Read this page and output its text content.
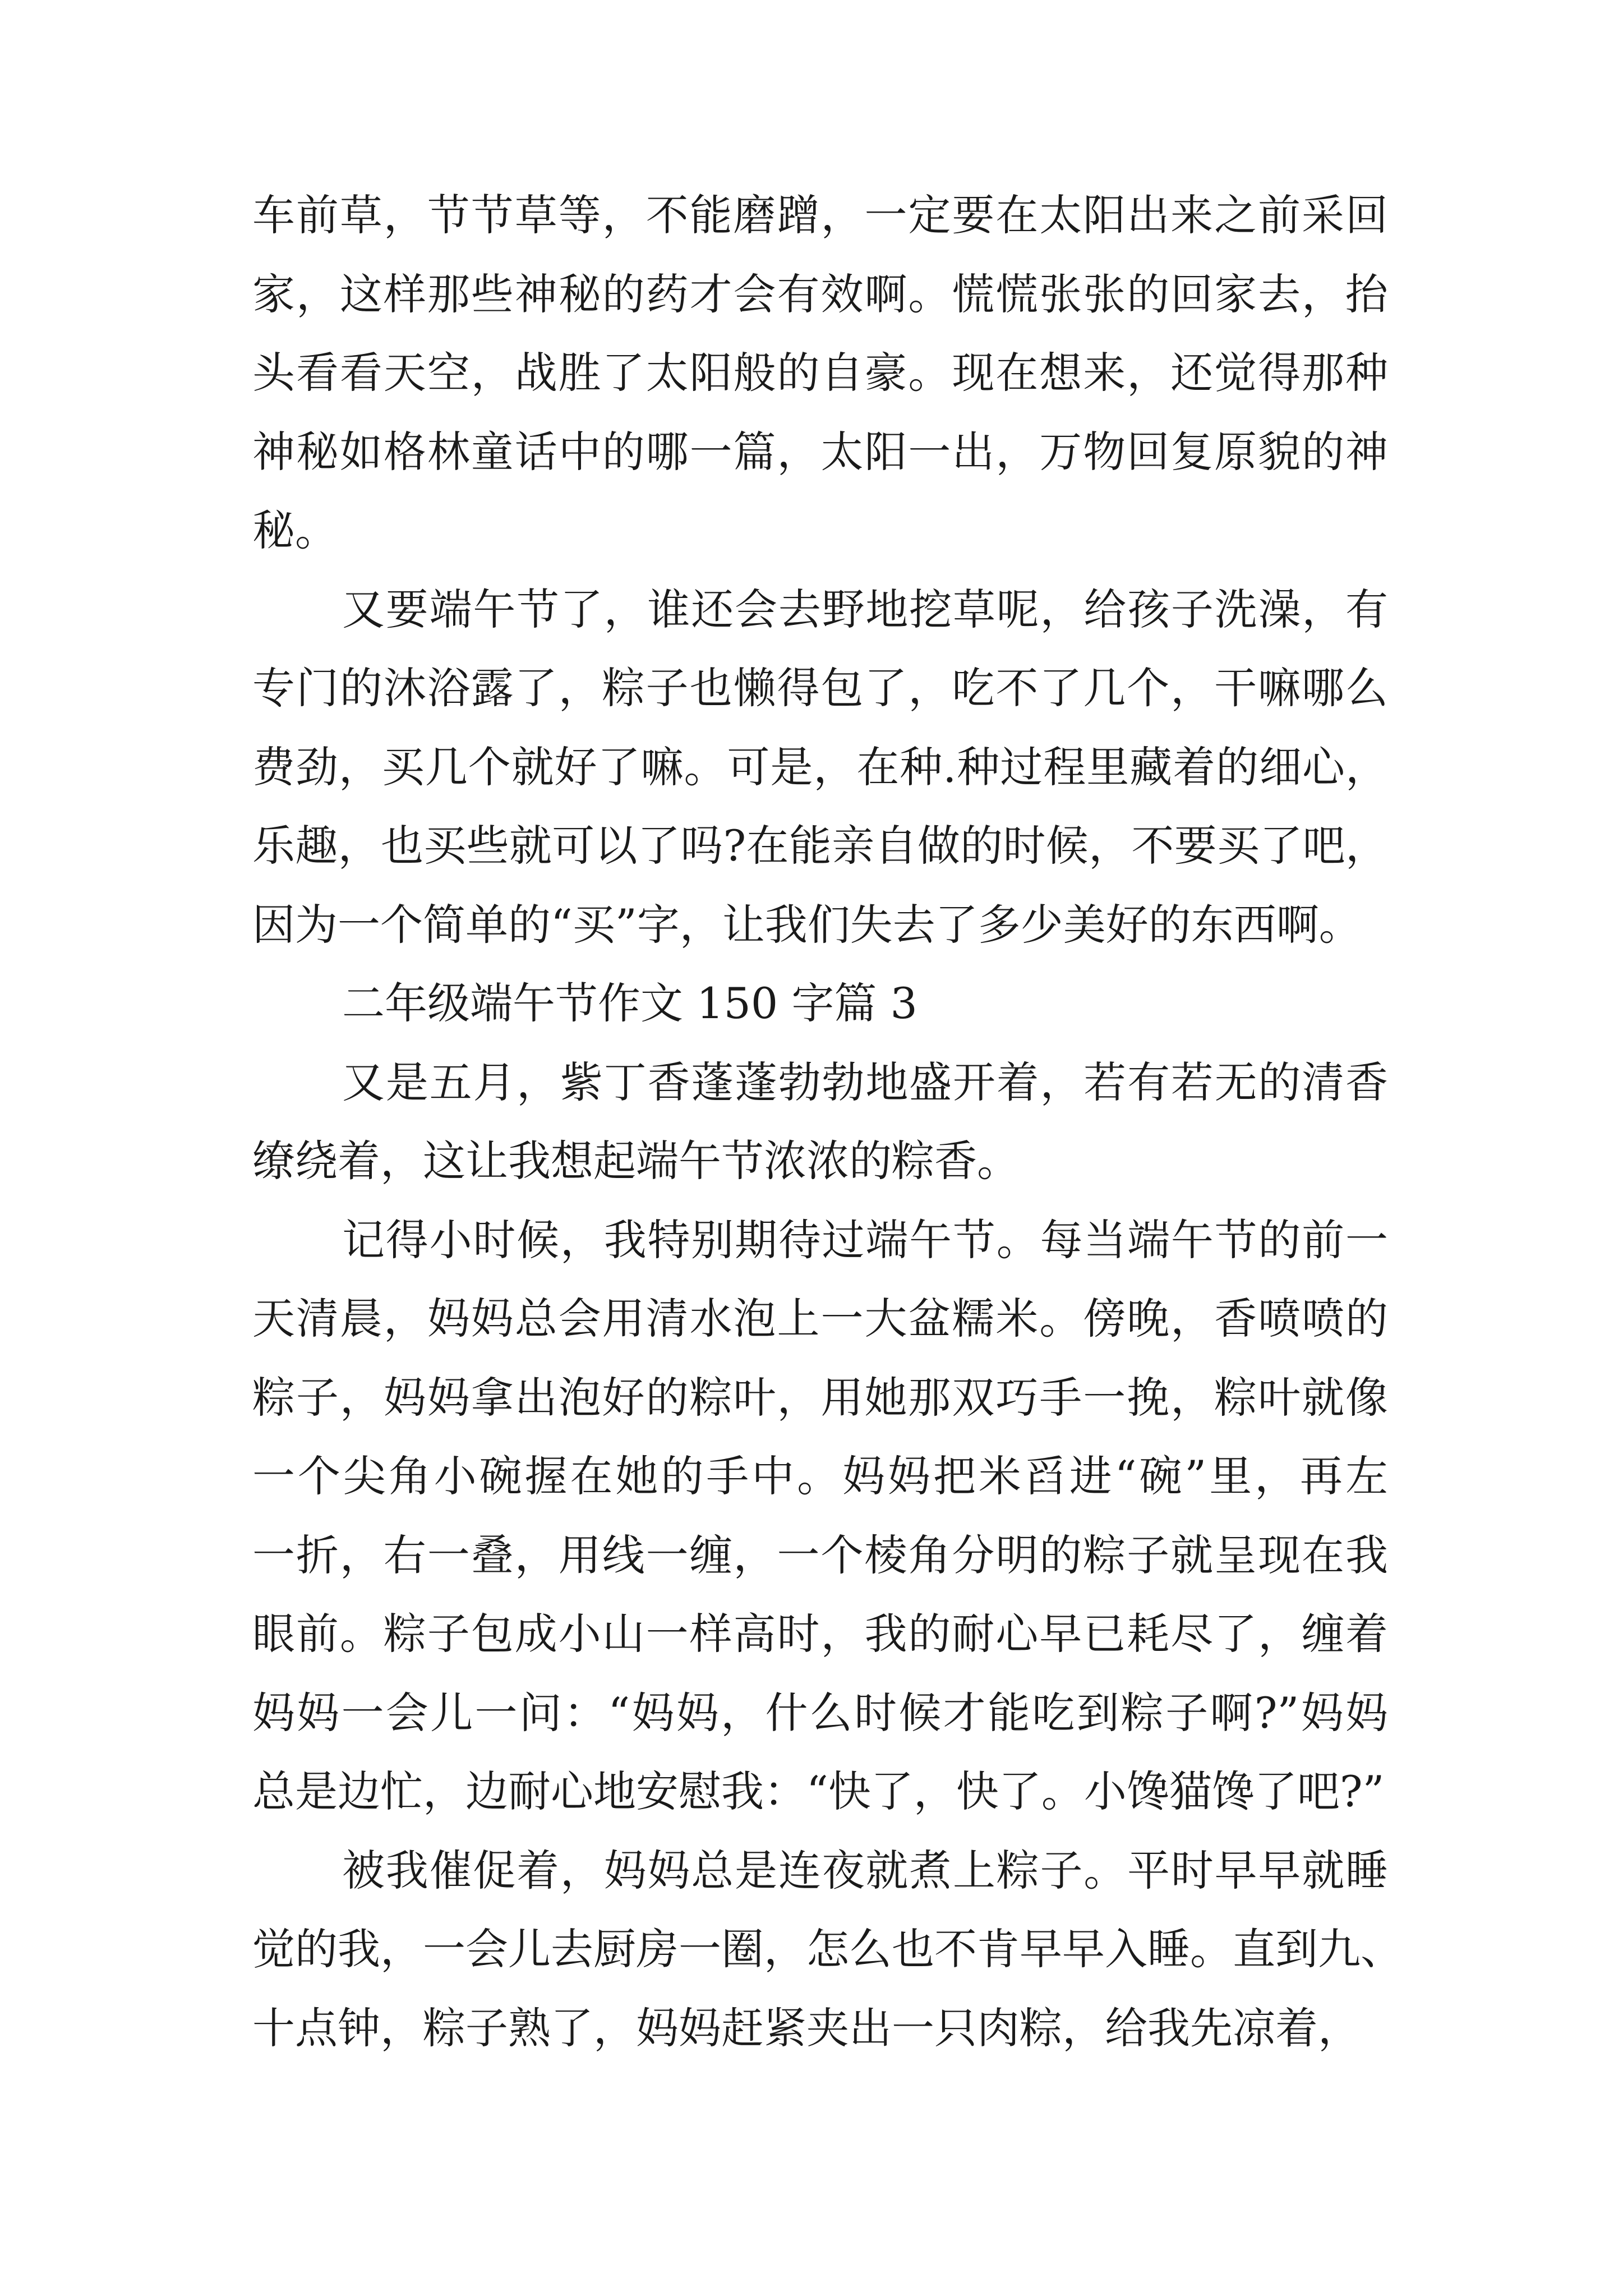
车前草，节节草等，不能磨蹭，一定要在太阳出来之前采回
家，这样那些神秘的药才会有效啊。慌慌张张的回家去，抬
头看看天空，战胜了太阳般的自豪。现在想来，还觉得那种
神秘如格林童话中的哪一篇，太阳一出，万物回复原貌的神
秘。
又要端午节了，谁还会去野地挖草呢，给孩子洗澡，有
专门的沐浴露了，粽子也懒得包了，吃不了几个，干嘛哪么
费劲，买几个就好了嘛。可是，在种.种过程里藏着的细心，
乐趣，也买些就可以了吗?在能亲自做的时候，不要买了吧，
因为一个简单的“买”字，让我们失去了多少美好的东西啊。
二年级端午节作文 150 字篇 3
又是五月，紫丁香蓬蓬勃勃地盛开着，若有若无的清香
缭绕着，这让我想起端午节浓浓的粽香。
记得小时候，我特别期待过端午节。每当端午节的前一
天清晨，妈妈总会用清水泡上一大盆糯米。傍晚，香喷喷的
粽子，妈妈拿出泡好的粽叶，用她那双巧手一挽，粽叶就像
一个尖角小碗握在她的手中。妈妈把米舀进“碗”里，再左
一折，右一叠，用线一缠，一个棱角分明的粽子就呈现在我
眼前。粽子包成小山一样高时，我的耐心早已耗尽了，缠着
妈妈一会儿一问：“妈妈，什么时候才能吃到粽子啊?”妈妈
总是边忙，边耐心地安慰我：“快了，快了。小馋猫馋了吧?”
被我催促着，妈妈总是连夜就煮上粽子。平时早早就睡
觉的我，一会儿去厨房一圈，怎么也不肯早早入睡。直到九、
十点钟，粽子熟了，妈妈赶紧夹出一只肉粽，给我先凉着，
